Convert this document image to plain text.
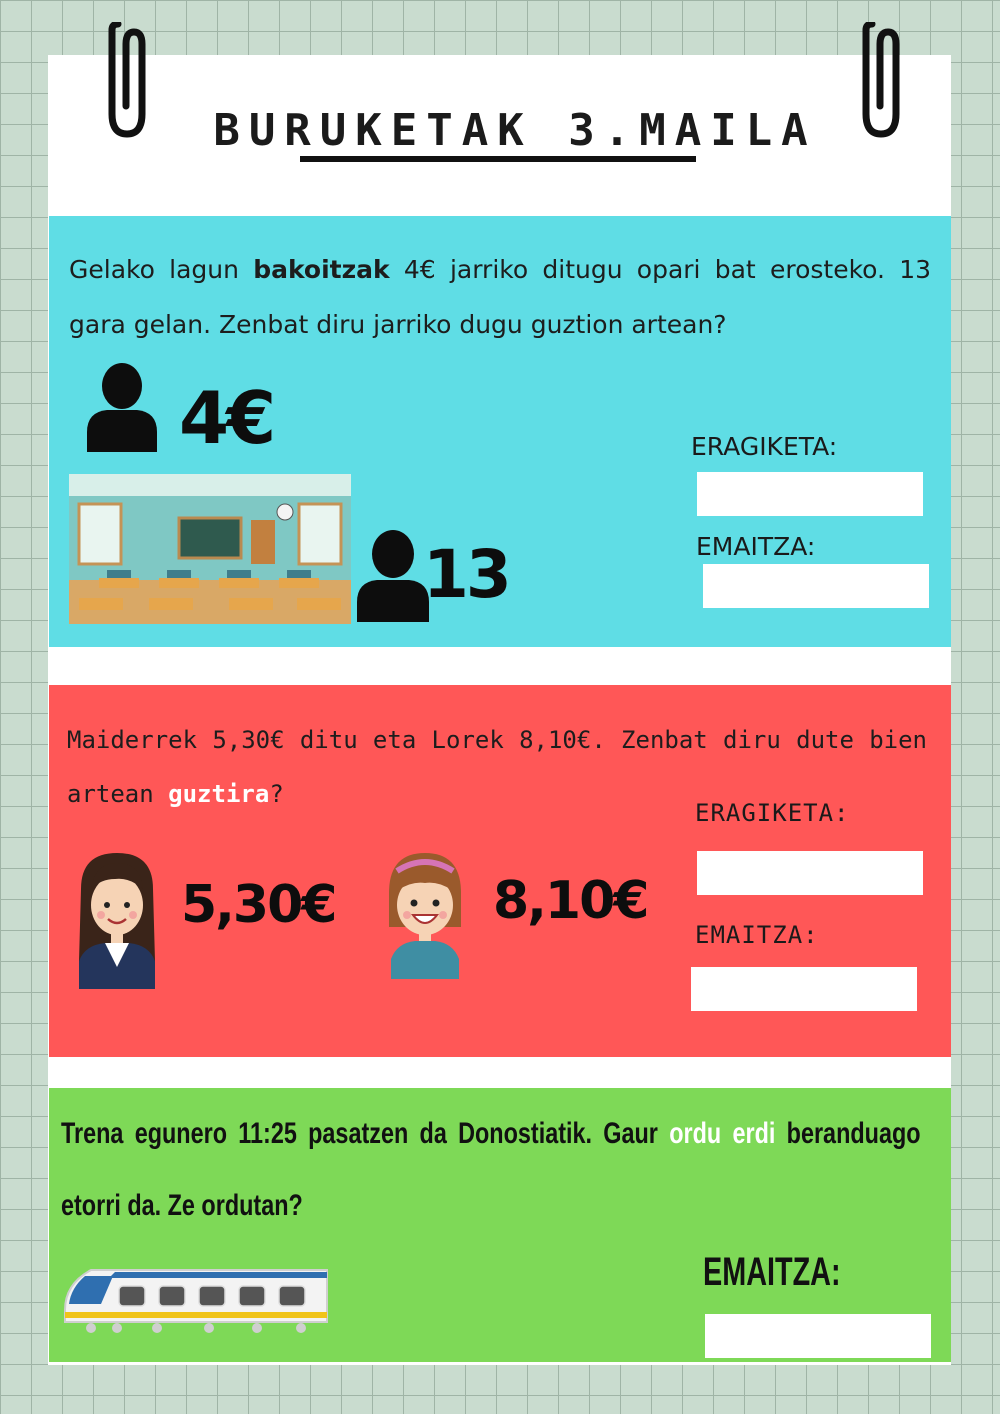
BURUKETAK 3.MAILA
Gelako lagun bakoitzak 4€ jarriko ditugu opari bat erosteko. 13 gara gelan. Zenbat diru jarriko dugu guztion artean?
4€
13
ERAGIKETA:
EMAITZA:
Maiderrek 5,30€ ditu eta Lorek 8,10€. Zenbat diru dute bien artean guztira?
5,30€	8,10€
ERAGIKETA:
EMAITZA:
Trena egunero 11:25 pasatzen da Donostiatik. Gaur ordu erdi beranduago etorri da. Ze ordutan?
EMAITZA:
